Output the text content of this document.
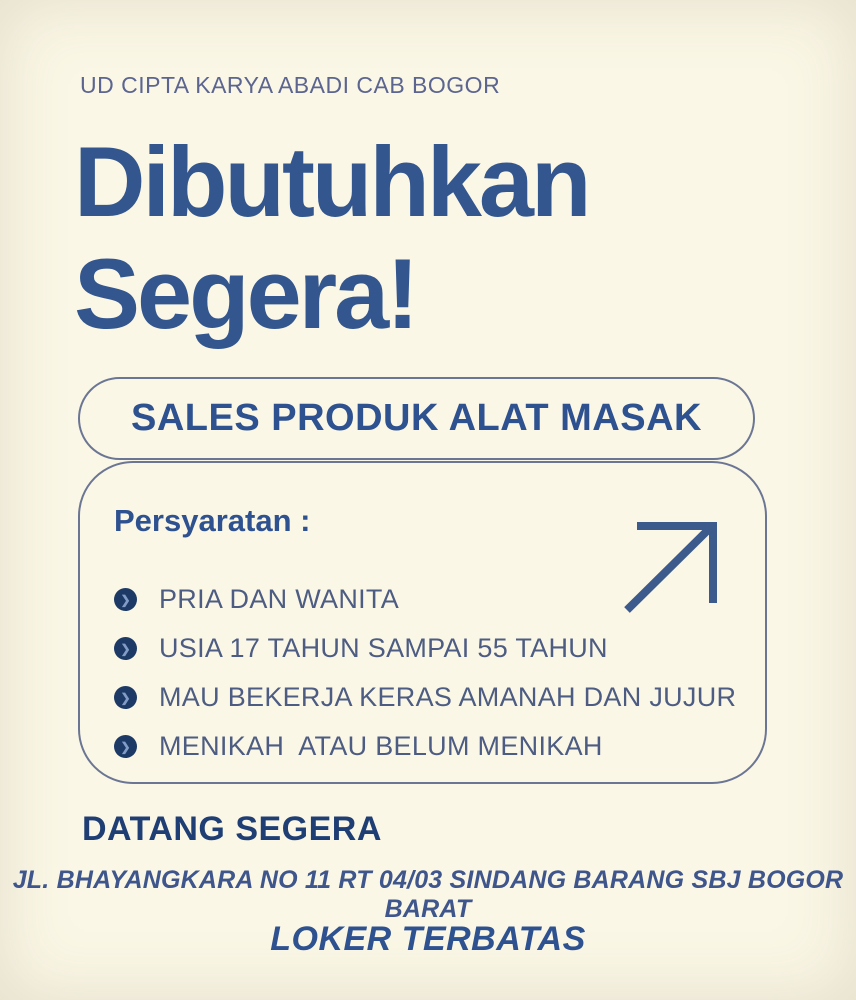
UD CIPTA KARYA ABADI CAB BOGOR
Dibutuhkan
Segera!
SALES PRODUK ALAT MASAK
Persyaratan :
❯ PRIA DAN WANITA
❯ USIA 17 TAHUN SAMPAI 55 TAHUN
❯ MAU BEKERJA KERAS AMANAH DAN JUJUR
❯ MENIKAH  ATAU BELUM MENIKAH
DATANG SEGERA
JL. BHAYANGKARA NO 11 RT 04/03 SINDANG BARANG SBJ BOGOR BARAT
LOKER TERBATAS
